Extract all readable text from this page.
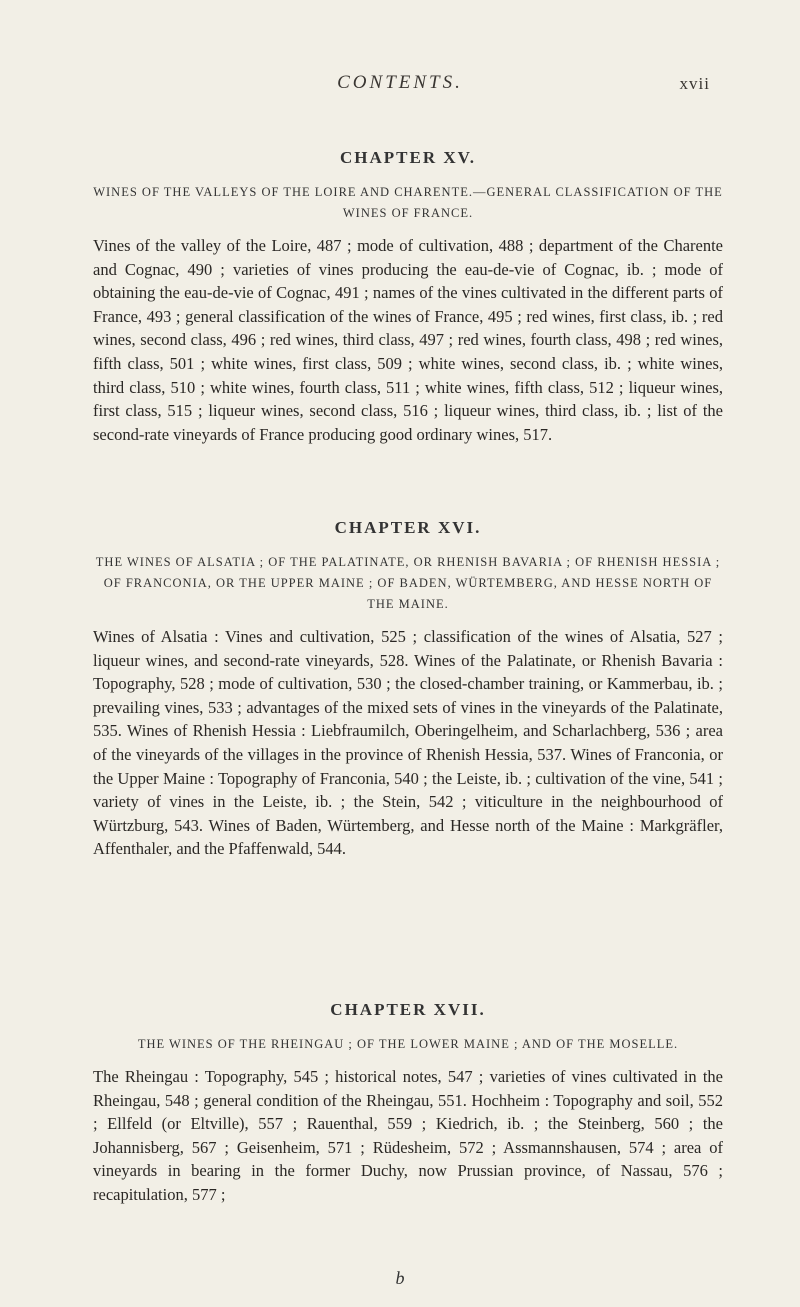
CONTENTS.	xvii
CHAPTER XV.

WINES OF THE VALLEYS OF THE LOIRE AND CHARENTE.—GENERAL CLASSIFICATION OF THE WINES OF FRANCE.

Vines of the valley of the Loire, 487 ; mode of cultivation, 488 ; department of the Charente and Cognac, 490 ; varieties of vines producing the eau-de-vie of Cognac, ib. ; mode of obtaining the eau-de-vie of Cognac, 491 ; names of the vines cultivated in the different parts of France, 493 ; general classification of the wines of France, 495 ; red wines, first class, ib. ; red wines, second class, 496 ; red wines, third class, 497 ; red wines, fourth class, 498 ; red wines, fifth class, 501 ; white wines, first class, 509 ; white wines, second class, ib. ; white wines, third class, 510 ; white wines, fourth class, 511 ; white wines, fifth class, 512 ; liqueur wines, first class, 515 ; liqueur wines, second class, 516 ; liqueur wines, third class, ib. ; list of the second-rate vineyards of France producing good ordinary wines, 517.

CHAPTER XVI.

THE WINES OF ALSATIA ; OF THE PALATINATE, OR RHENISH BAVARIA ; OF RHENISH HESSIA ; OF FRANCONIA, OR THE UPPER MAINE ; OF BADEN, WÜRTEMBERG, AND HESSE NORTH OF THE MAINE.

Wines of Alsatia : Vines and cultivation, 525 ; classification of the wines of Alsatia, 527 ; liqueur wines, and second-rate vineyards, 528. Wines of the Palatinate, or Rhenish Bavaria : Topography, 528 ; mode of cultivation, 530 ; the closed-chamber training, or Kammerbau, ib. ; prevailing vines, 533 ; advantages of the mixed sets of vines in the vineyards of the Palatinate, 535. Wines of Rhenish Hessia : Liebfraumilch, Oberingelheim, and Scharlachberg, 536 ; area of the vineyards of the villages in the province of Rhenish Hessia, 537. Wines of Franconia, or the Upper Maine : Topography of Franconia, 540 ; the Leiste, ib. ; cultivation of the vine, 541 ; variety of vines in the Leiste, ib. ; the Stein, 542 ; viticulture in the neighbourhood of Würtzburg, 543. Wines of Baden, Würtemberg, and Hesse north of the Maine : Markgräfler, Affenthaler, and the Pfaffenwald, 544.

CHAPTER XVII.

THE WINES OF THE RHEINGAU ; OF THE LOWER MAINE ; AND OF THE MOSELLE.

The Rheingau : Topography, 545 ; historical notes, 547 ; varieties of vines cultivated in the Rheingau, 548 ; general condition of the Rheingau, 551. Hochheim : Topography and soil, 552 ; Ellfeld (or Eltville), 557 ; Rauenthal, 559 ; Kiedrich, ib. ; the Steinberg, 560 ; the Johannisberg, 567 ; Geisenheim, 571 ; Rüdesheim, 572 ; Assmannshausen, 574 ; area of vineyards in bearing in the former Duchy, now Prussian province, of Nassau, 576 ; recapitulation, 577 ;

b
